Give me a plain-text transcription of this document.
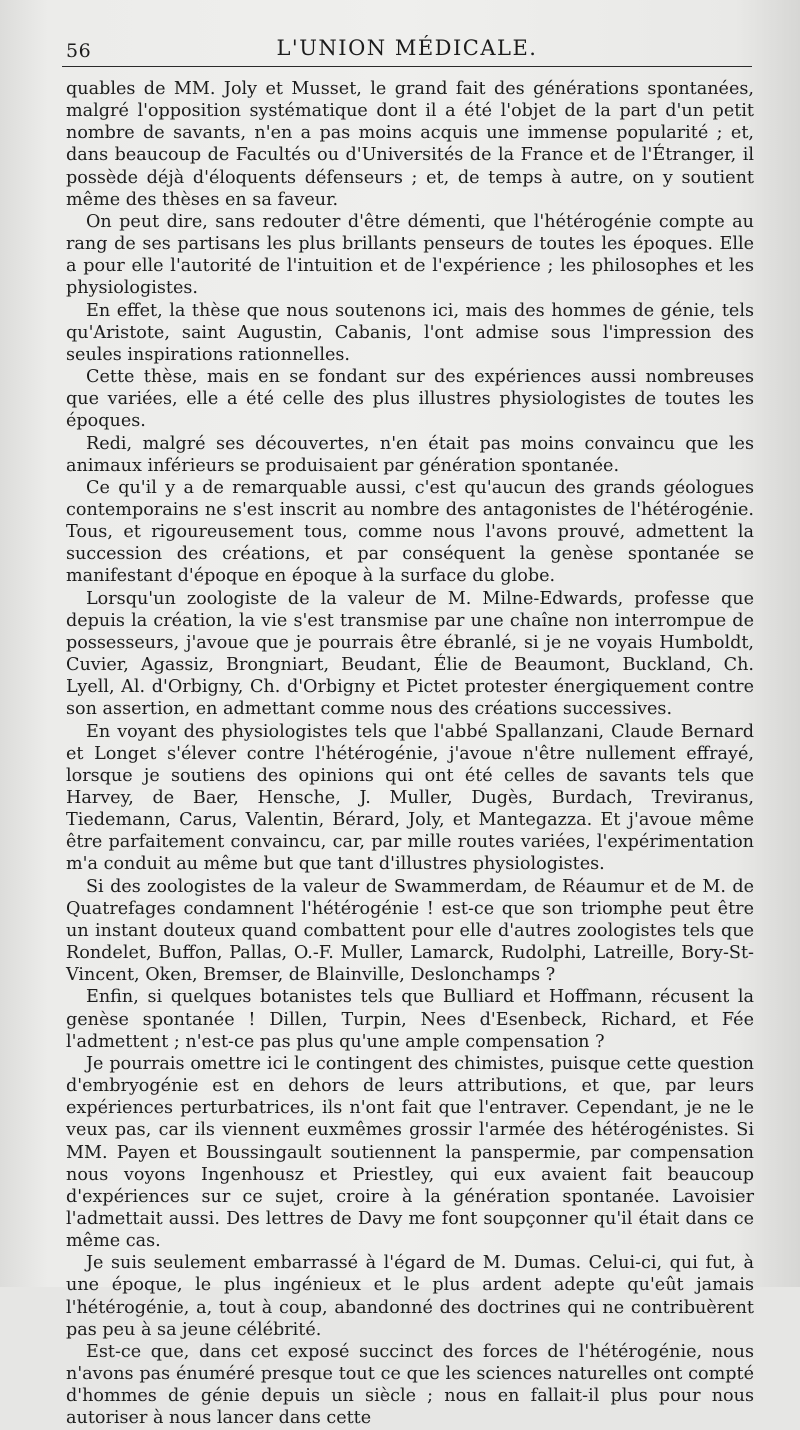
56	L'UNION MÉDICALE.

quables de MM. Joly et Musset, le grand fait des générations spontanées, malgré l'opposition systématique dont il a été l'objet de la part d'un petit nombre de savants, n'en a pas moins acquis une immense popularité ; et, dans beaucoup de Facultés ou d'Universités de la France et de l'Étranger, il possède déjà d'éloquents défenseurs ; et, de temps à autre, on y soutient même des thèses en sa faveur.

On peut dire, sans redouter d'être démenti, que l'hétérogénie compte au rang de ses partisans les plus brillants penseurs de toutes les époques. Elle a pour elle l'autorité de l'intuition et de l'expérience ; les philosophes et les physiologistes.

En effet, la thèse que nous soutenons ici, mais des hommes de génie, tels qu'Aristote, saint Augustin, Cabanis, l'ont admise sous l'impression des seules inspirations rationnelles.

Cette thèse, mais en se fondant sur des expériences aussi nombreuses que variées, elle a été celle des plus illustres physiologistes de toutes les époques.

Redi, malgré ses découvertes, n'en était pas moins convaincu que les animaux inférieurs se produisaient par génération spontanée.

Ce qu'il y a de remarquable aussi, c'est qu'aucun des grands géologues contemporains ne s'est inscrit au nombre des antagonistes de l'hétérogénie. Tous, et rigoureusement tous, comme nous l'avons prouvé, admettent la succession des créations, et par conséquent la genèse spontanée se manifestant d'époque en époque à la surface du globe.

Lorsqu'un zoologiste de la valeur de M. Milne-Edwards, professe que depuis la création, la vie s'est transmise par une chaîne non interrompue de possesseurs, j'avoue que je pourrais être ébranlé, si je ne voyais Humboldt, Cuvier, Agassiz, Brongniart, Beudant, Élie de Beaumont, Buckland, Ch. Lyell, Al. d'Orbigny, Ch. d'Orbigny et Pictet protester énergiquement contre son assertion, en admettant comme nous des créations successives.

En voyant des physiologistes tels que l'abbé Spallanzani, Claude Bernard et Longet s'élever contre l'hétérogénie, j'avoue n'être nullement effrayé, lorsque je soutiens des opinions qui ont été celles de savants tels que Harvey, de Baer, Hensche, J. Muller, Dugès, Burdach, Treviranus, Tiedemann, Carus, Valentin, Bérard, Joly, et Mantegazza. Et j'avoue même être parfaitement convaincu, car, par mille routes variées, l'expérimentation m'a conduit au même but que tant d'illustres physiologistes.

Si des zoologistes de la valeur de Swammerdam, de Réaumur et de M. de Quatrefages condamnent l'hétérogénie ! est-ce que son triomphe peut être un instant douteux quand combattent pour elle d'autres zoologistes tels que Rondelet, Buffon, Pallas, O.-F. Muller, Lamarck, Rudolphi, Latreille, Bory-St-Vincent, Oken, Bremser, de Blainville, Deslonchamps ?

Enfin, si quelques botanistes tels que Bulliard et Hoffmann, récusent la genèse spontanée ! Dillen, Turpin, Nees d'Esenbeck, Richard, et Fée l'admettent ; n'est-ce pas plus qu'une ample compensation ?

Je pourrais omettre ici le contingent des chimistes, puisque cette question d'embryogénie est en dehors de leurs attributions, et que, par leurs expériences perturbatrices, ils n'ont fait que l'entraver. Cependant, je ne le veux pas, car ils viennent euxmêmes grossir l'armée des hétérogénistes. Si MM. Payen et Boussingault soutiennent la panspermie, par compensation nous voyons Ingenhousz et Priestley, qui eux avaient fait beaucoup d'expériences sur ce sujet, croire à la génération spontanée. Lavoisier l'admettait aussi. Des lettres de Davy me font soupçonner qu'il était dans ce même cas.

Je suis seulement embarrassé à l'égard de M. Dumas. Celui-ci, qui fut, à une époque, le plus ingénieux et le plus ardent adepte qu'eût jamais l'hétérogénie, a, tout à coup, abandonné des doctrines qui ne contribuèrent pas peu à sa jeune célébrité.

Est-ce que, dans cet exposé succinct des forces de l'hétérogénie, nous n'avons pas énuméré presque tout ce que les sciences naturelles ont compté d'hommes de génie depuis un siècle ; nous en fallait-il plus pour nous autoriser à nous lancer dans cette
